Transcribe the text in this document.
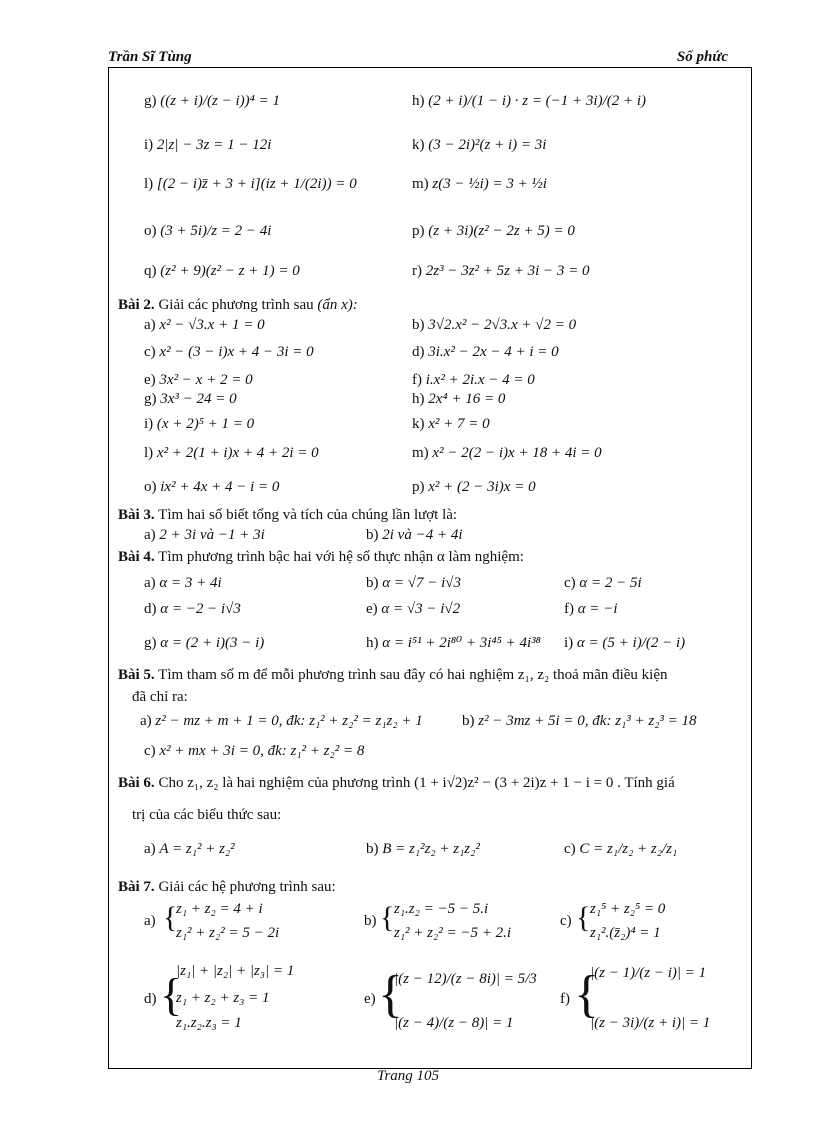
Trần Sĩ Tùng	Số phức
g) ((z + i)/(z − i))⁴ = 1	h) (2 + i)/(1 − i) · z = (−1 + 3i)/(2 + i)
i) 2|z| − 3z = 1 − 12i	k) (3 − 2i)²(z + i) = 3i
l) [(2 − i)z̄ + 3 + i](iz + 1/(2i)) = 0	m) z(3 − ½i) = 3 + ½i
o) (3 + 5i)/z = 2 − 4i	p) (z + 3i)(z² − 2z + 5) = 0
q) (z² + 9)(z² − z + 1) = 0	r) 2z³ − 3z² + 5z + 3i − 3 = 0
Bài 2. Giải các phương trình sau (ẩn x):
a) x² − √3.x + 1 = 0	b) 3√2.x² − 2√3.x + √2 = 0
c) x² − (3 − i)x + 4 − 3i = 0	d) 3i.x² − 2x − 4 + i = 0
e) 3x² − x + 2 = 0	f) i.x² + 2i.x − 4 = 0
g) 3x³ − 24 = 0	h) 2x⁴ + 16 = 0
i) (x + 2)⁵ + 1 = 0	k) x² + 7 = 0
l) x² + 2(1 + i)x + 4 + 2i = 0	m) x² − 2(2 − i)x + 18 + 4i = 0
o) ix² + 4x + 4 − i = 0	p) x² + (2 − 3i)x = 0
Bài 3. Tìm hai số biết tổng và tích của chúng lần lượt là:
a) 2 + 3i và −1 + 3i	b) 2i và −4 + 4i
Bài 4. Tìm phương trình bậc hai với hệ số thực nhận α làm nghiệm:
a) α = 3 + 4i	b) α = √7 − i√3	c) α = 2 − 5i
d) α = −2 − i√3	e) α = √3 − i√2	f) α = −i
g) α = (2 + i)(3 − i)	h) α = i⁵¹ + 2i⁸⁰ + 3i⁴⁵ + 4i³⁸ i) α = (5 + i)/(2 − i)
Bài 5. Tìm tham số m để mỗi phương trình sau đây có hai nghiệm z₁, z₂ thoả mãn điều kiện
đã chỉ ra:
a) z² − mz + m + 1 = 0, đk: z₁² + z₂² = z₁z₂ + 1	b) z² − 3mz + 5i = 0, đk: z₁³ + z₂³ = 18
c) x² + mx + 3i = 0, đk: z₁² + z₂² = 8
Bài 6. Cho z₁, z₂ là hai nghiệm của phương trình (1 + i√2)z² − (3 + 2i)z + 1 − i = 0 . Tính giá
trị của các biểu thức sau:
a) A = z₁² + z₂²	b) B = z₁²z₂ + z₁z₂²	c) C = z₁/z₂ + z₂/z₁
Bài 7. Giải các hệ phương trình sau:
a) {
z₁ + z₂ = 4 + i
z₁² + z₂² = 5 − 2i
b) { z₁.z₂ = −5 − 5.i
z₁² + z₂² = −5 + 2.i
c) { z₁⁵ + z₂⁵ = 0
z₁².(z̄₂)⁴ = 1
d) {
|z₁| + |z₂| + |z₃| = 1
z₁ + z₂ + z₃ = 1
z₁.z₂.z₃ = 1
e) {
|(z − 12)/(z − 8i)| = 5/3
|(z − 4)/(z − 8)| = 1
f) {
|(z − 1)/(z − i)| = 1
|(z − 3i)/(z + i)| = 1
Trang 105
